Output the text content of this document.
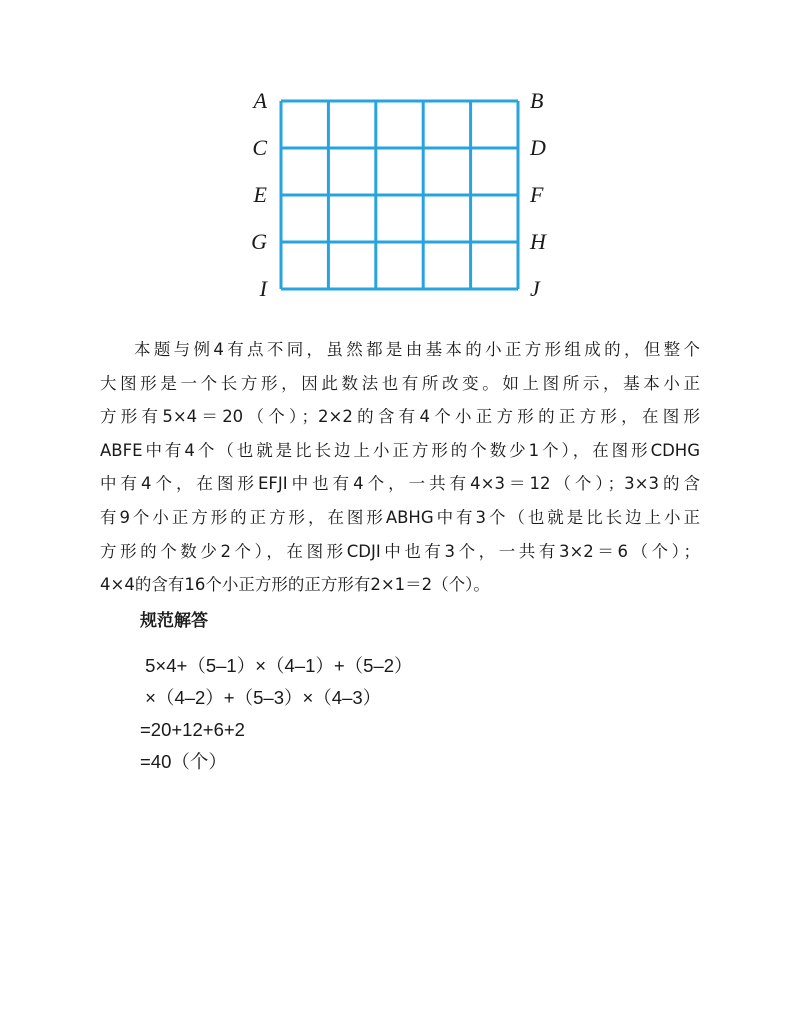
A
C
E
G
I
B
D
F
H
J
本题与例4有点不同，虽然都是由基本的小正方形组成的，但整个
大图形是一个长方形，因此数法也有所改变。如上图所示，基本小正
方形有5×4＝20（个）；2×2的含有4个小正方形的正方形，在图形
ABFE中有4个（也就是比长边上小正方形的个数少1个），在图形CDHG
中有4个，在图形EFJI中也有4个，一共有4×3＝12（个）；3×3的含
有9个小正方形的正方形，在图形ABHG中有3个（也就是比长边上小正
方形的个数少2个），在图形CDJI中也有3个，一共有3×2＝6（个）；
4×4的含有16个小正方形的正方形有2×1＝2（个）。
规范解答
5×4+（5–1）×（4–1）+（5–2）
×（4–2）+（5–3）×（4–3）
=20+12+6+2
=40（个）
